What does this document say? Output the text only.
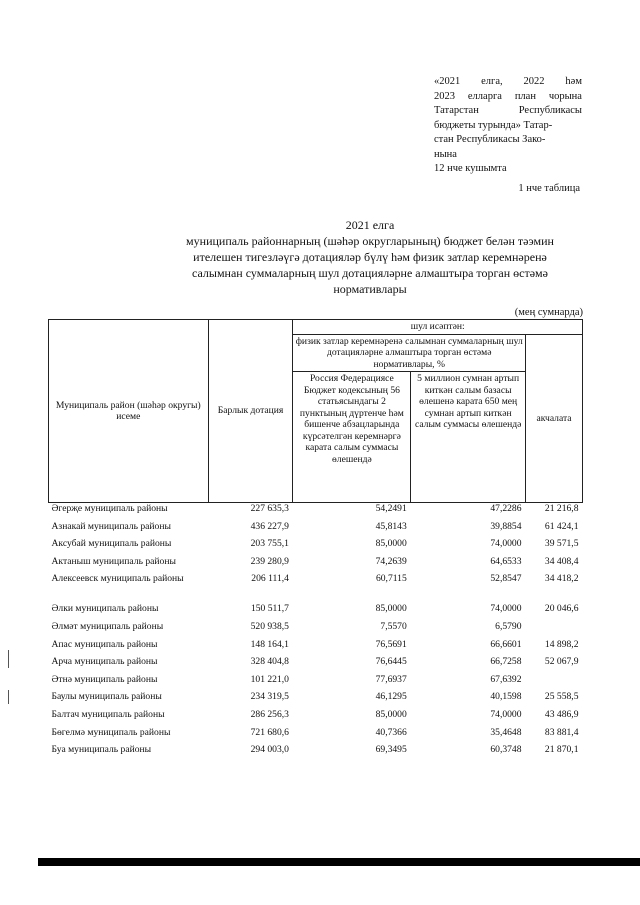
«2021 елга, 2022 һәм
2023 елларга план чорына
Татарстан	Республикасы
бюджеты турында» Татар-
стан Республикасы Зако-
нына
12 нче кушымта
1 нче таблица
2021 елга
муниципаль районнарның (шәһәр округларының) бюджет белән тәэмин
ителешен тигезләүгә дотацияләр бүлү һәм физик затлар керемнәренә
салымнан суммаларның шул дотацияләрне алмаштыра торган өстәмә
нормативлары
(мең сумнарда)
Муниципаль район (шәһәр округы) исеме	Барлык дотация	шул исәптән:		
		физик затлар керемнәренә салымнан суммаларның шул дотацияләрне алмаштыра торган өстәмә нормативлары, %		акчалата
		Россия Федерациясе Бюджет кодексының 56 статьясындагы 2 пунктының дүртенче һәм бишенче абзацларында күрсәтелгән керемнәргә карата салым суммасы өлешендә	5 миллион сумнан артып киткән салым базасы өлешенә карата 650 мең сумнан артып киткән салым суммасы өлешендә	
Әгерҗе муниципаль районы	227 635,3	54,2491	47,2286	21 216,8
Азнакай муниципаль районы	436 227,9	45,8143	39,8854	61 424,1
Аксубай муниципаль районы	203 755,1	85,0000	74,0000	39 571,5
Актаныш муниципаль районы	239 280,9	74,2639	64,6533	34 408,4
Алексеевск муниципаль районы	206 111,4	60,7115	52,8547	34 418,2
Әлки муниципаль районы	150 511,7	85,0000	74,0000	20 046,6
Әлмәт муниципаль районы	520 938,5	7,5570	6,5790	
Апас муниципаль районы	148 164,1	76,5691	66,6601	14 898,2
Арча муниципаль районы	328 404,8	76,6445	66,7258	52 067,9
Әтнә муниципаль районы	101 221,0	77,6937	67,6392	
Баулы муниципаль районы	234 319,5	46,1295	40,1598	25 558,5
Балтач муниципаль районы	286 256,3	85,0000	74,0000	43 486,9
Бөгелмә муниципаль районы	721 680,6	40,7366	35,4648	83 881,4
Буа муниципаль районы	294 003,0	69,3495	60,3748	21 870,1
